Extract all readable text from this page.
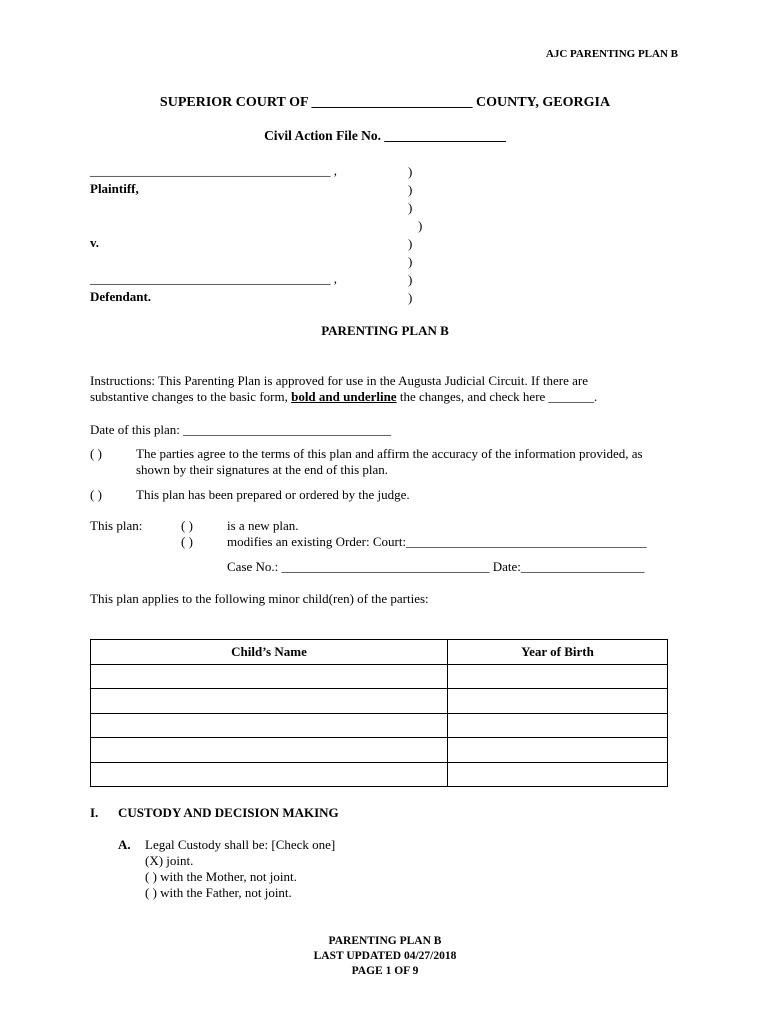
AJC PARENTING PLAN B
SUPERIOR COURT OF _______________________ COUNTY, GEORGIA
Civil Action File No. __________________
_____________________________________ ,
Plaintiff,
v.
_____________________________________ ,
Defendant.
)
)
)
)
)
)
)
)
PARENTING PLAN B
Instructions: This Parenting Plan is approved for use in the Augusta Judicial Circuit. If there are
substantive changes to the basic form, bold and underline the changes, and check here _______.
Date of this plan: ________________________________
( )	The parties agree to the terms of this plan and affirm the accuracy of the information provided, as
shown by their signatures at the end of this plan.
( )	This plan has been prepared or ordered by the judge.
This plan:	( )	is a new plan.
( )	modifies an existing Order: Court:_____________________________________
Case No.: ________________________________ Date:___________________
This plan applies to the following minor child(ren) of the parties:
Child’s Name	Year of Birth

I. CUSTODY AND DECISION MAKING
A. Legal Custody shall be: [Check one]
(X) joint.
( ) with the Mother, not joint.
( ) with the Father, not joint.
PARENTING PLAN B
LAST UPDATED 04/27/2018
PAGE 1 OF 9
